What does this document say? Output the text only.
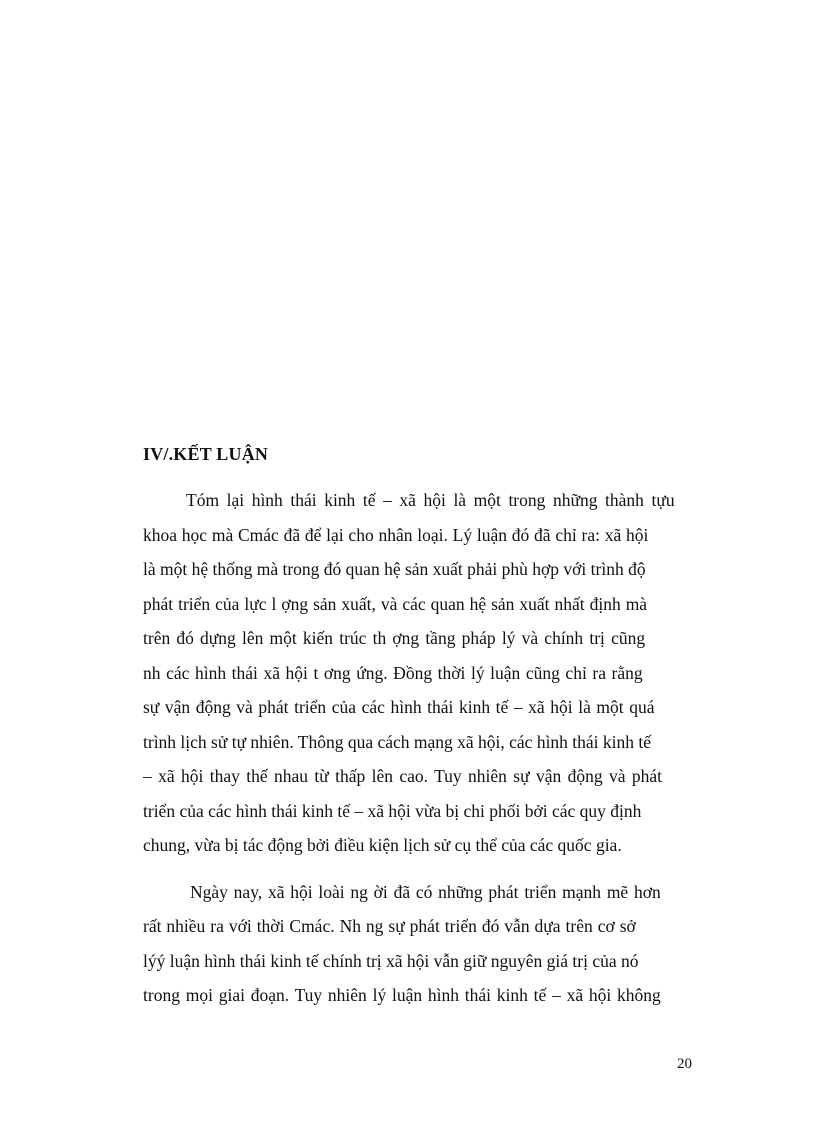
IV/.KẾT LUẬN

Tóm lại hình thái kinh tế – xã hội là một trong những thành tựu

khoa học mà Cmác đã để lại cho nhân loại. Lý luận đó đã chỉ ra: xã hội

là một hệ thống mà trong đó quan hệ sản xuất phải phù hợp với trình độ

phát triển của lực l ợng sản xuất, và các quan hệ sản xuất nhất định mà

trên đó dựng lên một kiến trúc th ợng tầng pháp lý và chính trị cũng

nh các hình thái xã hội t ơng ứng. Đồng thời lý luận cũng chỉ ra rằng

sự vận động và phát triển của các hình thái kinh tế – xã hội là một quá

trình lịch sử tự nhiên. Thông qua cách mạng xã hội, các hình thái kinh tế

– xã hội thay thế nhau từ thấp lên cao. Tuy nhiên sự vận động và phát

triển của các hình thái kinh tế – xã hội vừa bị chi phối bởi các quy định

chung, vừa bị tác động bởi điều kiện lịch sử cụ thể của các quốc gia.

Ngày nay, xã hội loài ng ời đã có những phát triển mạnh mẽ hơn

rất nhiều ra với thời Cmác. Nh ng sự phát triển đó vẫn dựa trên cơ sở

lýý luận hình thái kinh tế chính trị xã hội vẫn giữ nguyên giá trị của nó

trong mọi giai đoạn. Tuy nhiên lý luận hình thái kinh tế – xã hội không

20
